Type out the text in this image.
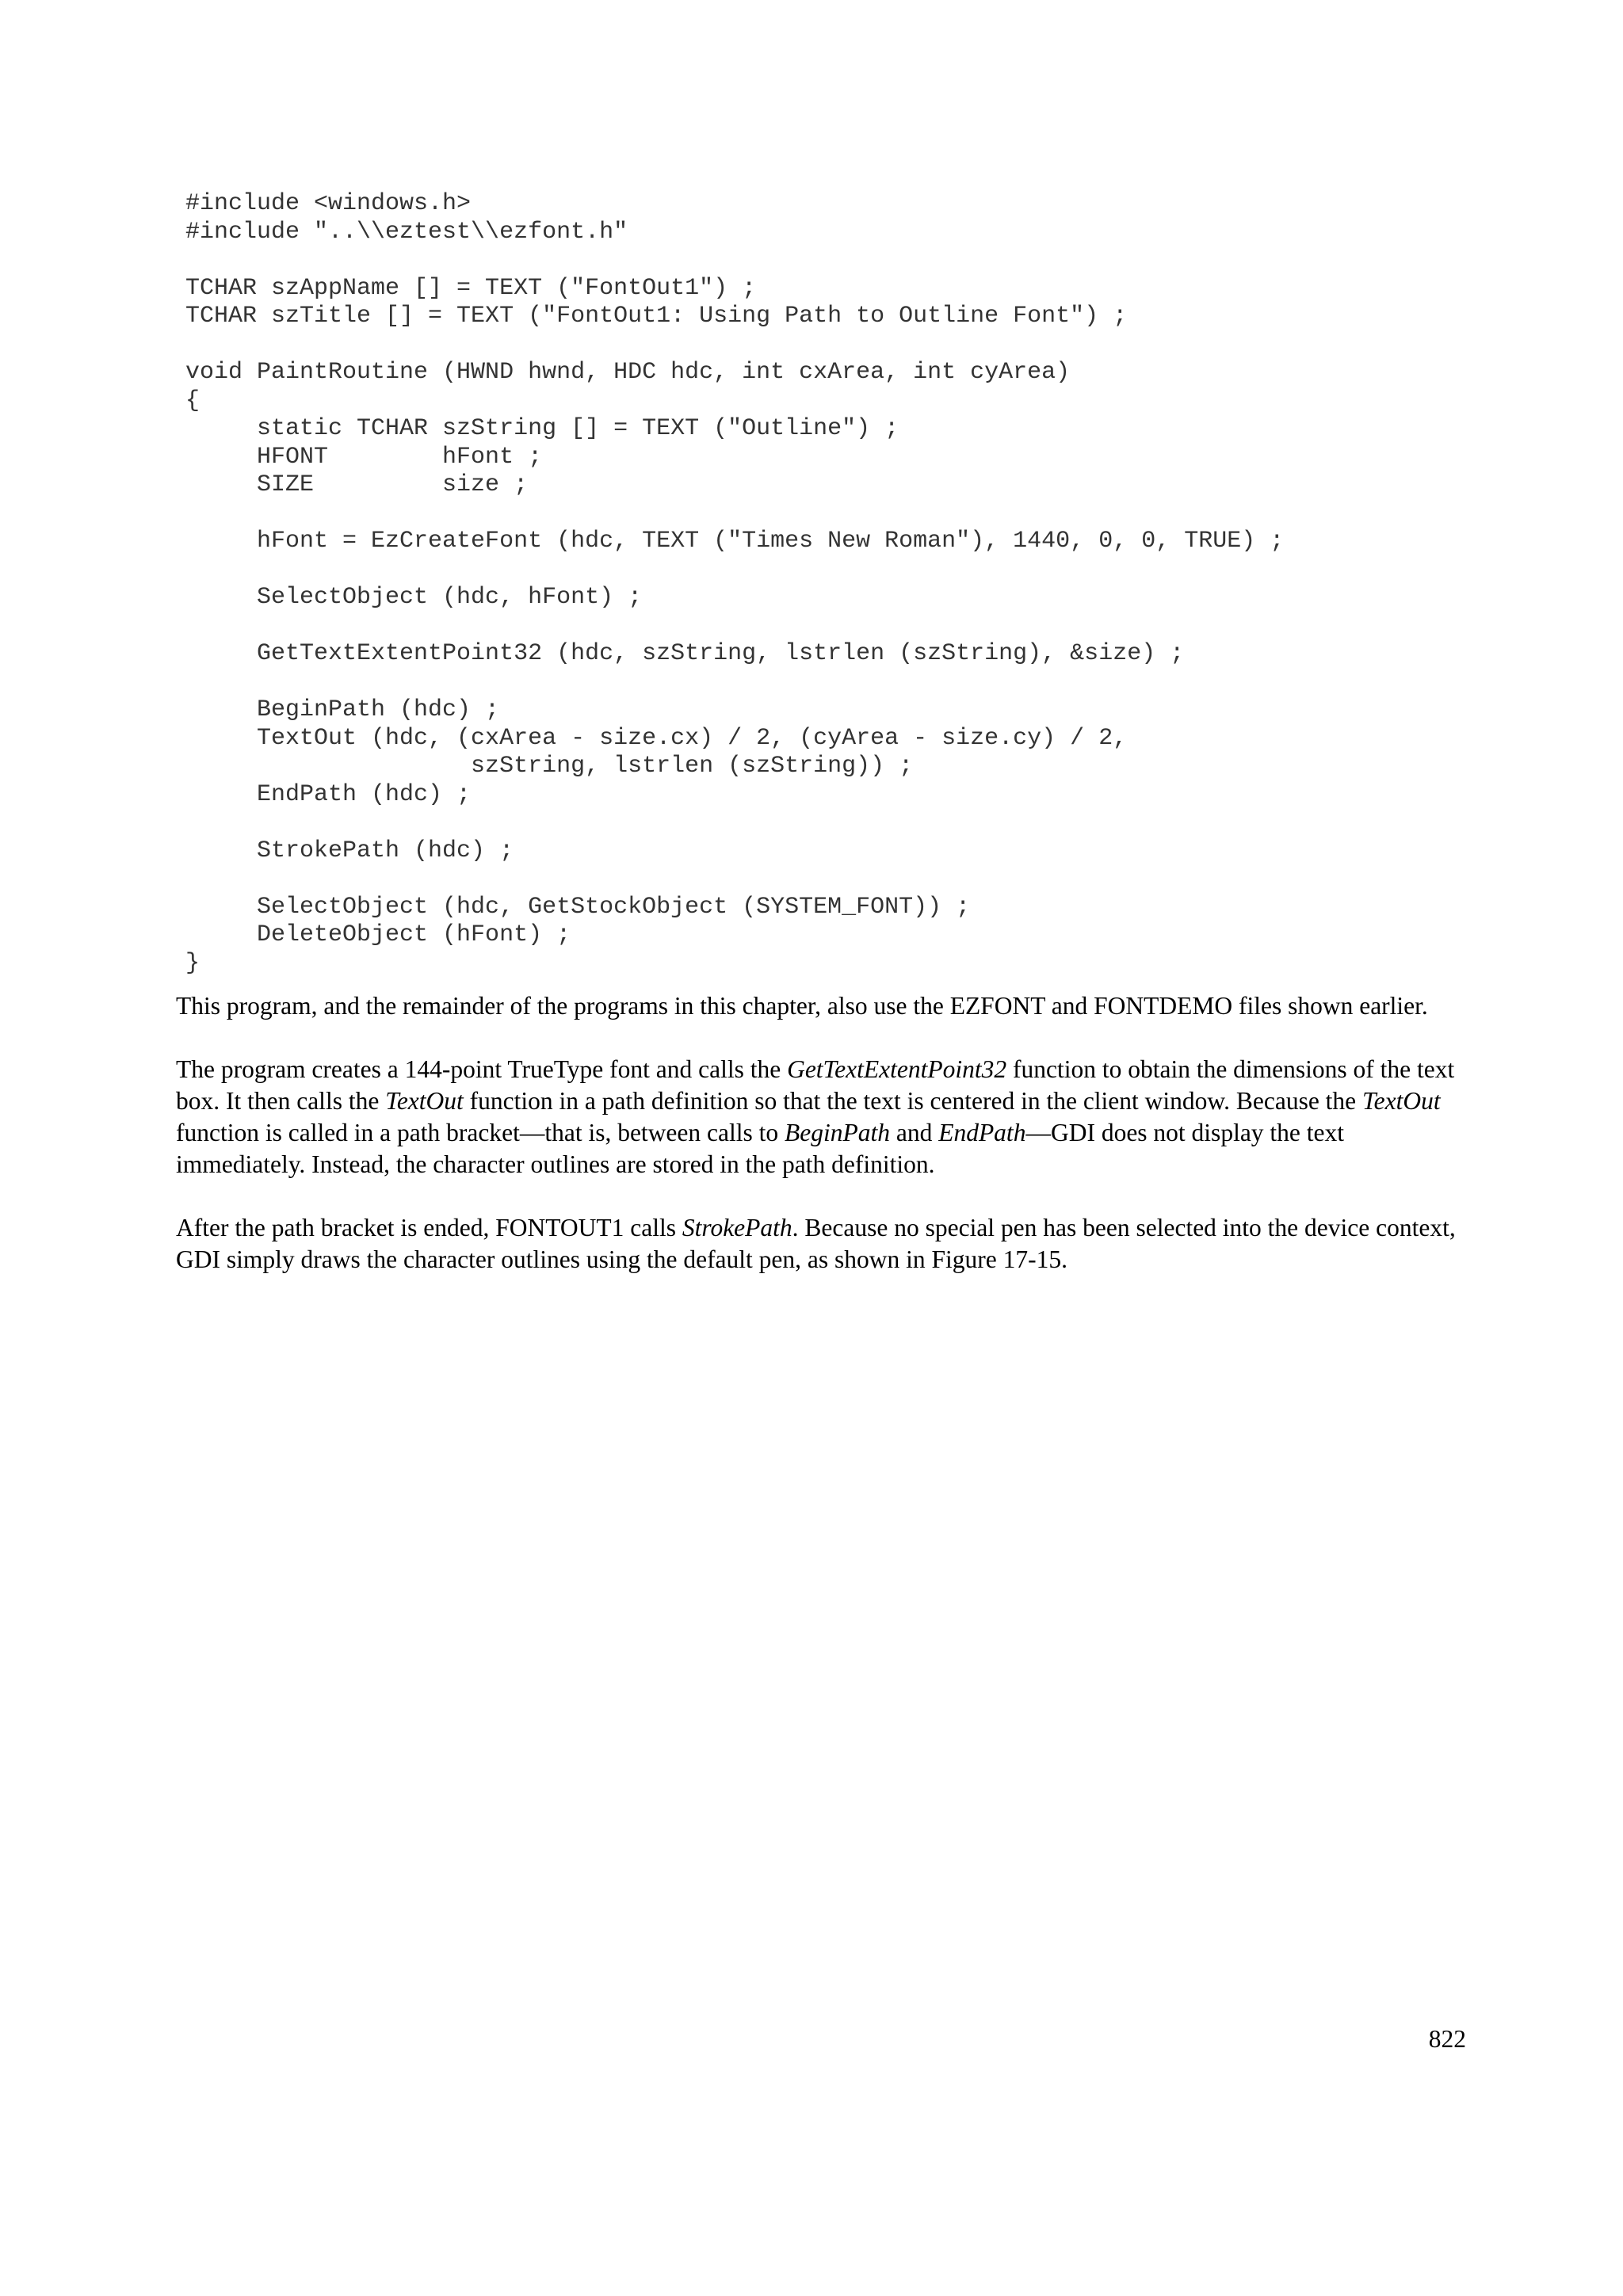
#include <windows.h>
#include "..\\eztest\\ezfont.h"

TCHAR szAppName [] = TEXT ("FontOut1") ;
TCHAR szTitle [] = TEXT ("FontOut1: Using Path to Outline Font") ;

void PaintRoutine (HWND hwnd, HDC hdc, int cxArea, int cyArea)
{
static TCHAR szString [] = TEXT ("Outline") ;
HFONT        hFont ;
SIZE         size ;

hFont = EzCreateFont (hdc, TEXT ("Times New Roman"), 1440, 0, 0, TRUE) ;

SelectObject (hdc, hFont) ;

GetTextExtentPoint32 (hdc, szString, lstrlen (szString), &size) ;

BeginPath (hdc) ;
TextOut (hdc, (cxArea - size.cx) / 2, (cyArea - size.cy) / 2,
szString, lstrlen (szString)) ;
EndPath (hdc) ;

StrokePath (hdc) ;

SelectObject (hdc, GetStockObject (SYSTEM_FONT)) ;
DeleteObject (hFont) ;
}

This program, and the remainder of the programs in this chapter, also use the EZFONT and FONTDEMO files shown earlier.

The program creates a 144-point TrueType font and calls the GetTextExtentPoint32 function to obtain the dimensions of the text box. It then calls the TextOut function in a path definition so that the text is centered in the client window. Because the TextOut function is called in a path bracket—that is, between calls to BeginPath and EndPath—GDI does not display the text immediately. Instead, the character outlines are stored in the path definition.

After the path bracket is ended, FONTOUT1 calls StrokePath. Because no special pen has been selected into the device context, GDI simply draws the character outlines using the default pen, as shown in Figure 17-15.

822
